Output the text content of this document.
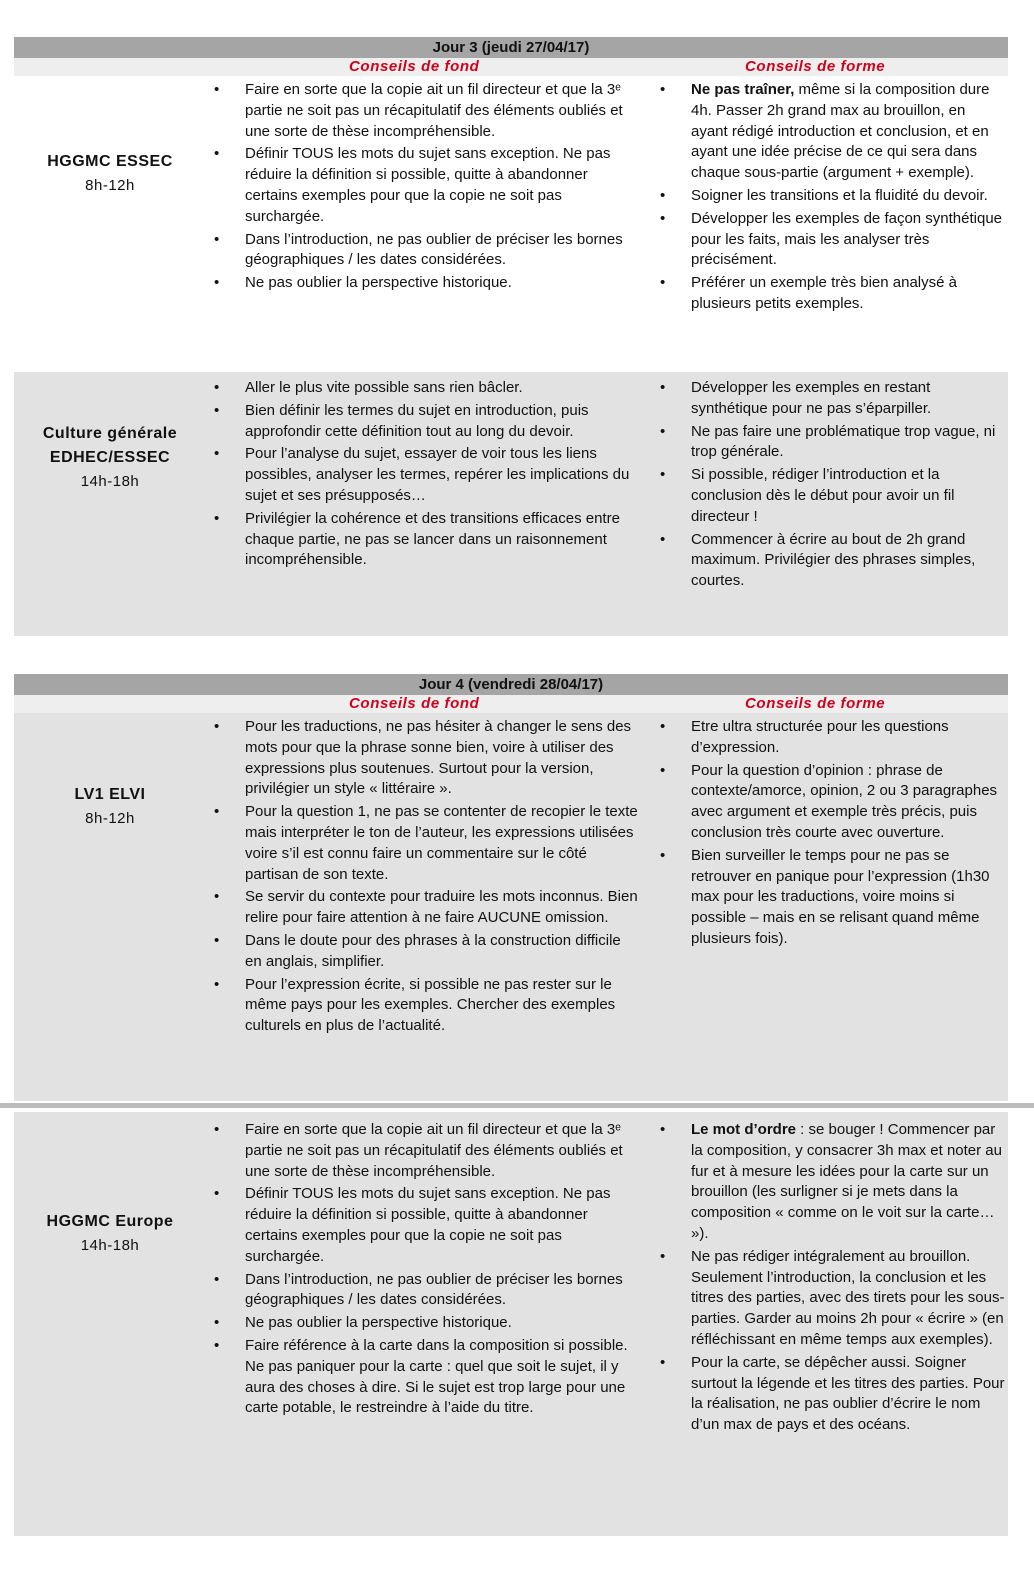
Jour 3 (jeudi 27/04/17)
Conseils de fond	Conseils de forme
HGGMC ESSEC
8h-12h
• Faire en sorte que la copie ait un fil directeur et que la 3ᵉ partie ne soit pas un récapitulatif des éléments oubliés et une sorte de thèse incompréhensible.
• Définir TOUS les mots du sujet sans exception. Ne pas réduire la définition si possible, quitte à abandonner certains exemples pour que la copie ne soit pas surchargée.
• Dans l’introduction, ne pas oublier de préciser les bornes géographiques / les dates considérées.
• Ne pas oublier la perspective historique.
• Ne pas traîner, même si la composition dure 4h. Passer 2h grand max au brouillon, en ayant rédigé introduction et conclusion, et en ayant une idée précise de ce qui sera dans chaque sous-partie (argument + exemple).
• Soigner les transitions et la fluidité du devoir.
• Développer les exemples de façon synthétique pour les faits, mais les analyser très précisément.
• Préférer un exemple très bien analysé à plusieurs petits exemples.
Culture générale
EDHEC/ESSEC
14h-18h
• Aller le plus vite possible sans rien bâcler.
• Bien définir les termes du sujet en introduction, puis approfondir cette définition tout au long du devoir.
• Pour l’analyse du sujet, essayer de voir tous les liens possibles, analyser les termes, repérer les implications du sujet et ses présupposés…
• Privilégier la cohérence et des transitions efficaces entre chaque partie, ne pas se lancer dans un raisonnement incompréhensible.
• Développer les exemples en restant synthétique pour ne pas s’éparpiller.
• Ne pas faire une problématique trop vague, ni trop générale.
• Si possible, rédiger l’introduction et la conclusion dès le début pour avoir un fil directeur !
• Commencer à écrire au bout de 2h grand maximum. Privilégier des phrases simples, courtes.
Jour 4 (vendredi 28/04/17)
Conseils de fond	Conseils de forme
LV1 ELVI
8h-12h
• Pour les traductions, ne pas hésiter à changer le sens des mots pour que la phrase sonne bien, voire à utiliser des expressions plus soutenues. Surtout pour la version, privilégier un style « littéraire ».
• Pour la question 1, ne pas se contenter de recopier le texte mais interpréter le ton de l’auteur, les expressions utilisées voire s’il est connu faire un commentaire sur le côté partisan de son texte.
• Se servir du contexte pour traduire les mots inconnus. Bien relire pour faire attention à ne faire AUCUNE omission.
• Dans le doute pour des phrases à la construction difficile en anglais, simplifier.
• Pour l’expression écrite, si possible ne pas rester sur le même pays pour les exemples. Chercher des exemples culturels en plus de l’actualité.
• Etre ultra structurée pour les questions d’expression.
• Pour la question d’opinion : phrase de contexte/amorce, opinion, 2 ou 3 paragraphes avec argument et exemple très précis, puis conclusion très courte avec ouverture.
• Bien surveiller le temps pour ne pas se retrouver en panique pour l’expression (1h30 max pour les traductions, voire moins si possible – mais en se relisant quand même plusieurs fois).
HGGMC Europe
14h-18h
• Faire en sorte que la copie ait un fil directeur et que la 3ᵉ partie ne soit pas un récapitulatif des éléments oubliés et une sorte de thèse incompréhensible.
• Définir TOUS les mots du sujet sans exception. Ne pas réduire la définition si possible, quitte à abandonner certains exemples pour que la copie ne soit pas surchargée.
• Dans l’introduction, ne pas oublier de préciser les bornes géographiques / les dates considérées.
• Ne pas oublier la perspective historique.
• Faire référence à la carte dans la composition si possible. Ne pas paniquer pour la carte : quel que soit le sujet, il y aura des choses à dire. Si le sujet est trop large pour une carte potable, le restreindre à l’aide du titre.
• Le mot d’ordre : se bouger ! Commencer par la composition, y consacrer 3h max et noter au fur et à mesure les idées pour la carte sur un brouillon (les surligner si je mets dans la composition « comme on le voit sur la carte… »).
• Ne pas rédiger intégralement au brouillon. Seulement l’introduction, la conclusion et les titres des parties, avec des tirets pour les sous-parties. Garder au moins 2h pour « écrire » (en réfléchissant en même temps aux exemples).
• Pour la carte, se dépêcher aussi. Soigner surtout la légende et les titres des parties. Pour la réalisation, ne pas oublier d’écrire le nom d’un max de pays et des océans.
